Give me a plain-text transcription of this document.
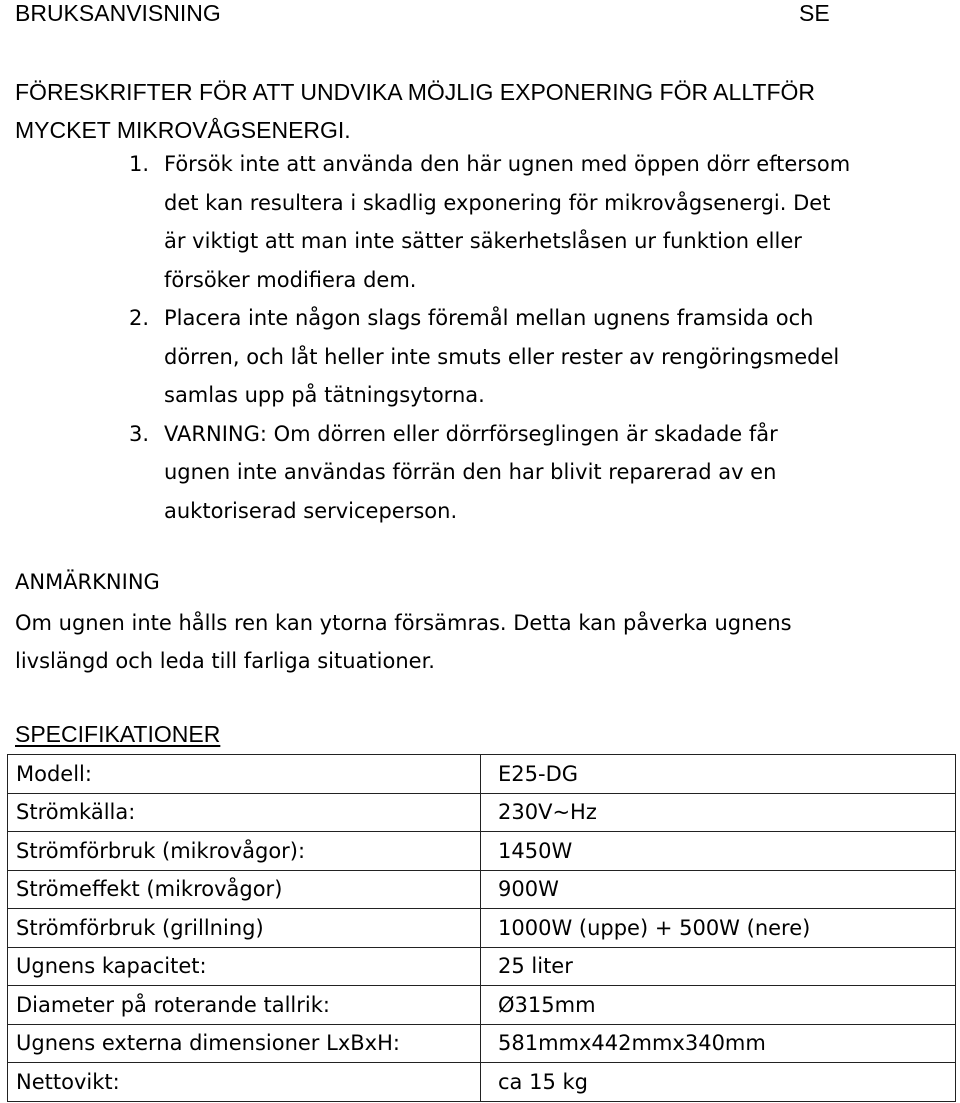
BRUKSANVISNING	SE
FÖRESKRIFTER FÖR ATT UNDVIKA MÖJLIG EXPONERING FÖR ALLTFÖR
MYCKET MIKROVÅGSENERGI.
1. Försök inte att använda den här ugnen med öppen dörr eftersom
det kan resultera i skadlig exponering för mikrovågsenergi. Det
är viktigt att man inte sätter säkerhetslåsen ur funktion eller
försöker modifiera dem.
2. Placera inte någon slags föremål mellan ugnens framsida och
dörren, och låt heller inte smuts eller rester av rengöringsmedel
samlas upp på tätningsytorna.
3. VARNING: Om dörren eller dörrförseglingen är skadade får
ugnen inte användas förrän den har blivit reparerad av en
auktoriserad serviceperson.
ANMÄRKNING
Om ugnen inte hålls ren kan ytorna försämras. Detta kan påverka ugnens
livslängd och leda till farliga situationer.
SPECIFIKATIONER
Modell:	E25-DG
Strömkälla:	230V~Hz
Strömförbruk (mikrovågor):	1450W
Strömeffekt (mikrovågor)	900W
Strömförbruk (grillning)	1000W (uppe) + 500W (nere)
Ugnens kapacitet:	25 liter
Diameter på roterande tallrik:	Ø315mm
Ugnens externa dimensioner LxBxH:	581mmx442mmx340mm
Nettovikt:	ca 15 kg
